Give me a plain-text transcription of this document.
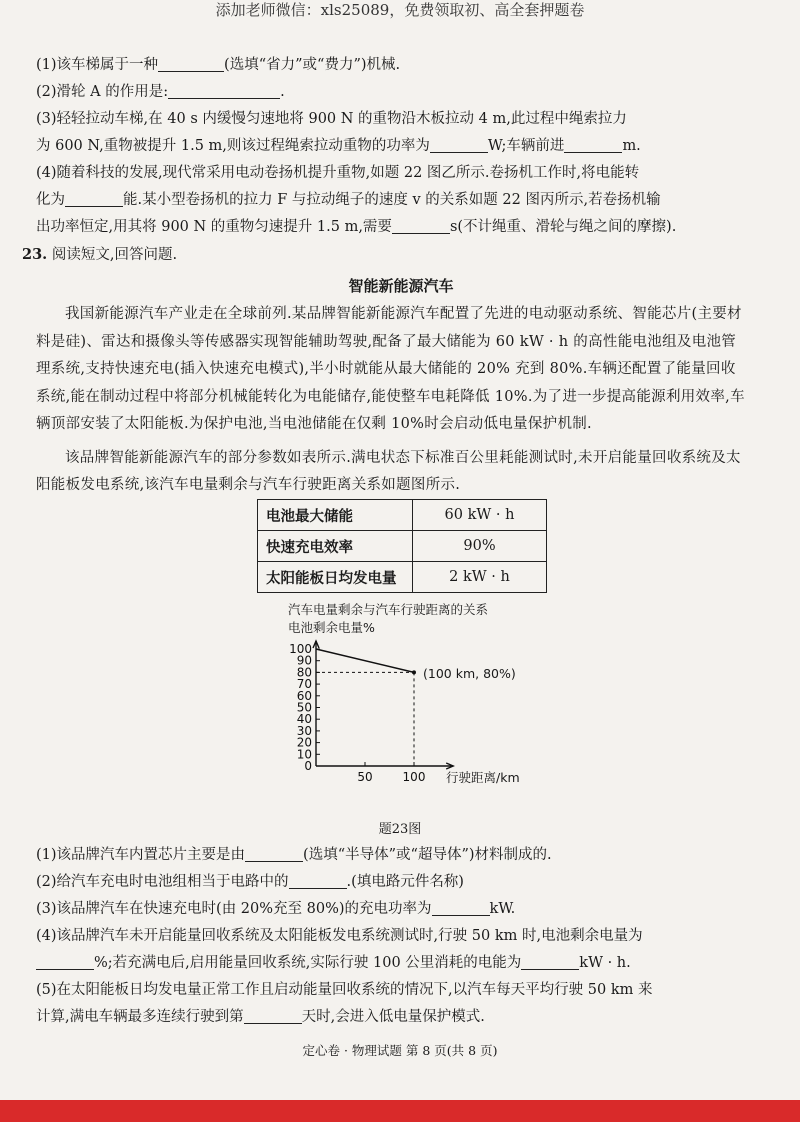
添加老师微信：xls25089，免费领取初、高全套押题卷
(1)该车梯属于一种	(选填“省力”或“费力”)机械.
(2)滑轮 A 的作用是:	.
(3)轻轻拉动车梯,在 40 s 内缓慢匀速地将 900 N 的重物沿木板拉动 4 m,此过程中绳索拉力
为 600 N,重物被提升 1.5 m,则该过程绳索拉动重物的功率为	W;车辆前进	m.
(4)随着科技的发展,现代常采用电动卷扬机提升重物,如题 22 图乙所示.卷扬机工作时,将电能转
化为	能.某小型卷扬机的拉力 F 与拉动绳子的速度 v 的关系如题 22 图丙所示,若卷扬机输
出功率恒定,用其将 900 N 的重物匀速提升 1.5 m,需要	s(不计绳重、滑轮与绳之间的摩擦).
23. 阅读短文,回答问题.
智能新能源汽车
我国新能源汽车产业走在全球前列.某品牌智能新能源汽车配置了先进的电动驱动系统、智能芯片(主要材料是硅)、雷达和摄像头等传感器实现智能辅助驾驶,配备了最大储能为 60 kW · h 的高性能电池组及电池管理系统,支持快速充电(插入快速充电模式),半小时就能从最大储能的 20% 充到 80%.车辆还配置了能量回收系统,能在制动过程中将部分机械能转化为电能储存,能使整车电耗降低 10%.为了进一步提高能源利用效率,车辆顶部安装了太阳能板.为保护电池,当电池储能在仅剩 10%时会启动低电量保护机制.
该品牌智能新能源汽车的部分参数如表所示.满电状态下标准百公里耗能测试时,未开启能量回收系统及太阳能板发电系统,该汽车电量剩余与汽车行驶距离关系如题图所示.
电池最大储能	60 kW · h
快速充电效率	90%
太阳能板日均发电量	2 kW · h
汽车电量剩余与汽车行驶距离的关系
电池剩余电量%
行驶距离/km
(100 km, 80%)
0
10
20
30
40
50
60
70
80
90
100
50 100
题23图
(1)该品牌汽车内置芯片主要是由	(选填“半导体”或“超导体”)材料制成的.
(2)给汽车充电时电池组相当于电路中的	.(填电路元件名称)
(3)该品牌汽车在快速充电时(由 20%充至 80%)的充电功率为	kW.
(4)该品牌汽车未开启能量回收系统及太阳能板发电系统测试时,行驶 50 km 时,电池剩余电量为
%;若充满电后,启用能量回收系统,实际行驶 100 公里消耗的电能为	kW · h.
(5)在太阳能板日均发电量正常工作且启动能量回收系统的情况下,以汽车每天平均行驶 50 km 来
计算,满电车辆最多连续行驶到第	天时,会进入低电量保护模式.
定心卷 · 物理试题 第 8 页(共 8 页)
